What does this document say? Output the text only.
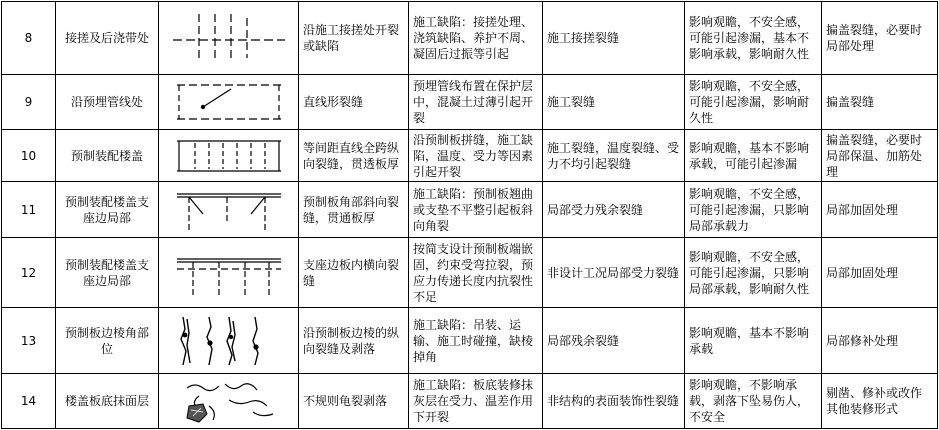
8	接搓及后浇带处		沿施工接搓处开裂或缺陷	施工缺陷：接搓处理、浇筑缺陷、养护不周、凝固后过振等引起	施工接搓裂缝	影响观瞻，不安全感，可能引起渗漏，基本不影响承载，影响耐久性	揙盖裂缝，必要时局部处理
9	沿预埋管线处		直线形裂缝	预埋管线布置在保护层中，混凝土过薄引起开裂	施工裂缝	影响观瞻，不安全感，可能引起渗漏，影响耐久性	揙盖裂缝
10	预制装配楼盖		等间距直线全跨纵向裂缝，贯透板厚	沿预制板拼缝，施工缺陷，温度、受力等因素引起开裂	施工裂缝，温度裂缝、受力不均引起裂缝	影响观瞻，基本不影响承载，可能引起渗漏	揙盖裂缝，必要时局部保温、加筋处理
11	预制装配楼盖支座边局部		预制板角部斜向裂缝，贯通板厚	施工缺陷：预制板翘曲或支垫不平整引起板斜向角裂	局部受力残余裂缝	影响观瞻，不安全感，可能引起渗漏，只影响局部承载力	局部加固处理
12	预制装配楼盖支座边局部		支座边板内横向裂缝	按简支设计预制板端嵌固，约束受弯拉裂，预应力传递长度内抗裂性不足	非设计工况局部受力裂缝	影响观瞻，不安全感，可能引起渗漏，只影响局部承载，影响耐久性	局部加固处理
13	预制板边棱角部位		沿预制板边棱的纵向裂缝及剥落	施工缺陷：吊装、运输、施工时碰撞，缺棱掉角	局部残余裂缝	影响观瞻，基本不影响承载	局部修补处理
14	楼盖板底抹面层		不规则龟裂剥落	施工缺陷：板底装修抹灰层在受力、温差作用下开裂	非结构的表面装饰性裂缝	影响观瞻，不影响承载，剥落下坠易伤人，不安全	剔凿、修补或改作其他装修形式
